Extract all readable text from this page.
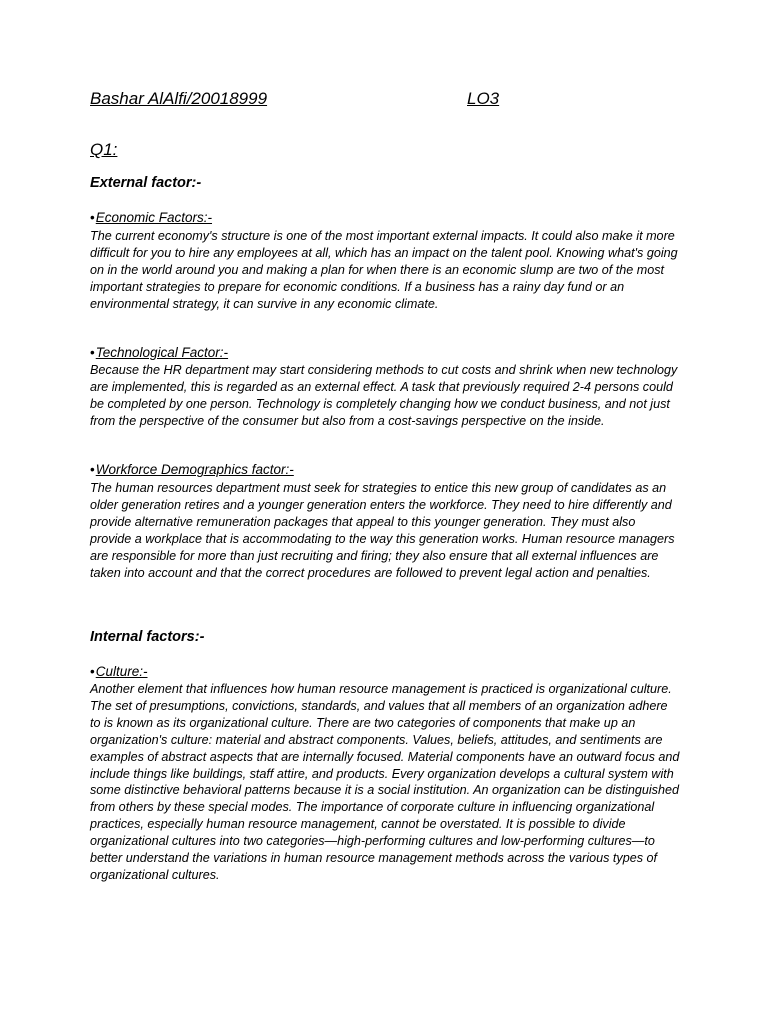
Bashar AlAlfi/20018999	LO3
Q1:
External factor:-
•Economic Factors:-

The current economy's structure is one of the most important external impacts. It could also make it more difficult for you to hire any employees at all, which has an impact on the talent pool. Knowing what's going on in the world around you and making a plan for when there is an economic slump are two of the most important strategies to prepare for economic conditions. If a business has a rainy day fund or an environmental strategy, it can survive in any economic climate.

•Technological Factor:-

Because the HR department may start considering methods to cut costs and shrink when new technology are implemented, this is regarded as an external effect. A task that previously required 2-4 persons could be completed by one person. Technology is completely changing how we conduct business, and not just from the perspective of the consumer but also from a cost-savings perspective on the inside.

•Workforce Demographics factor:-

The human resources department must seek for strategies to entice this new group of candidates as an older generation retires and a younger generation enters the workforce. They need to hire differently and provide alternative remuneration packages that appeal to this younger generation. They must also provide a workplace that is accommodating to the way this generation works. Human resource managers are responsible for more than just recruiting and firing; they also ensure that all external influences are taken into account and that the correct procedures are followed to prevent legal action and penalties.

Internal factors:-
•Culture:-

Another element that influences how human resource management is practiced is organizational culture. The set of presumptions, convictions, standards, and values that all members of an organization adhere to is known as its organizational culture. There are two categories of components that make up an organization's culture: material and abstract components. Values, beliefs, attitudes, and sentiments are examples of abstract aspects that are internally focused. Material components have an outward focus and include things like buildings, staff attire, and products. Every organization develops a cultural system with some distinctive behavioral patterns because it is a social institution. An organization can be distinguished from others by these special modes. The importance of corporate culture in influencing organizational practices, especially human resource management, cannot be overstated. It is possible to divide organizational cultures into two categories—high-performing cultures and low-performing cultures—to better understand the variations in human resource management methods across the various types of organizational cultures.
